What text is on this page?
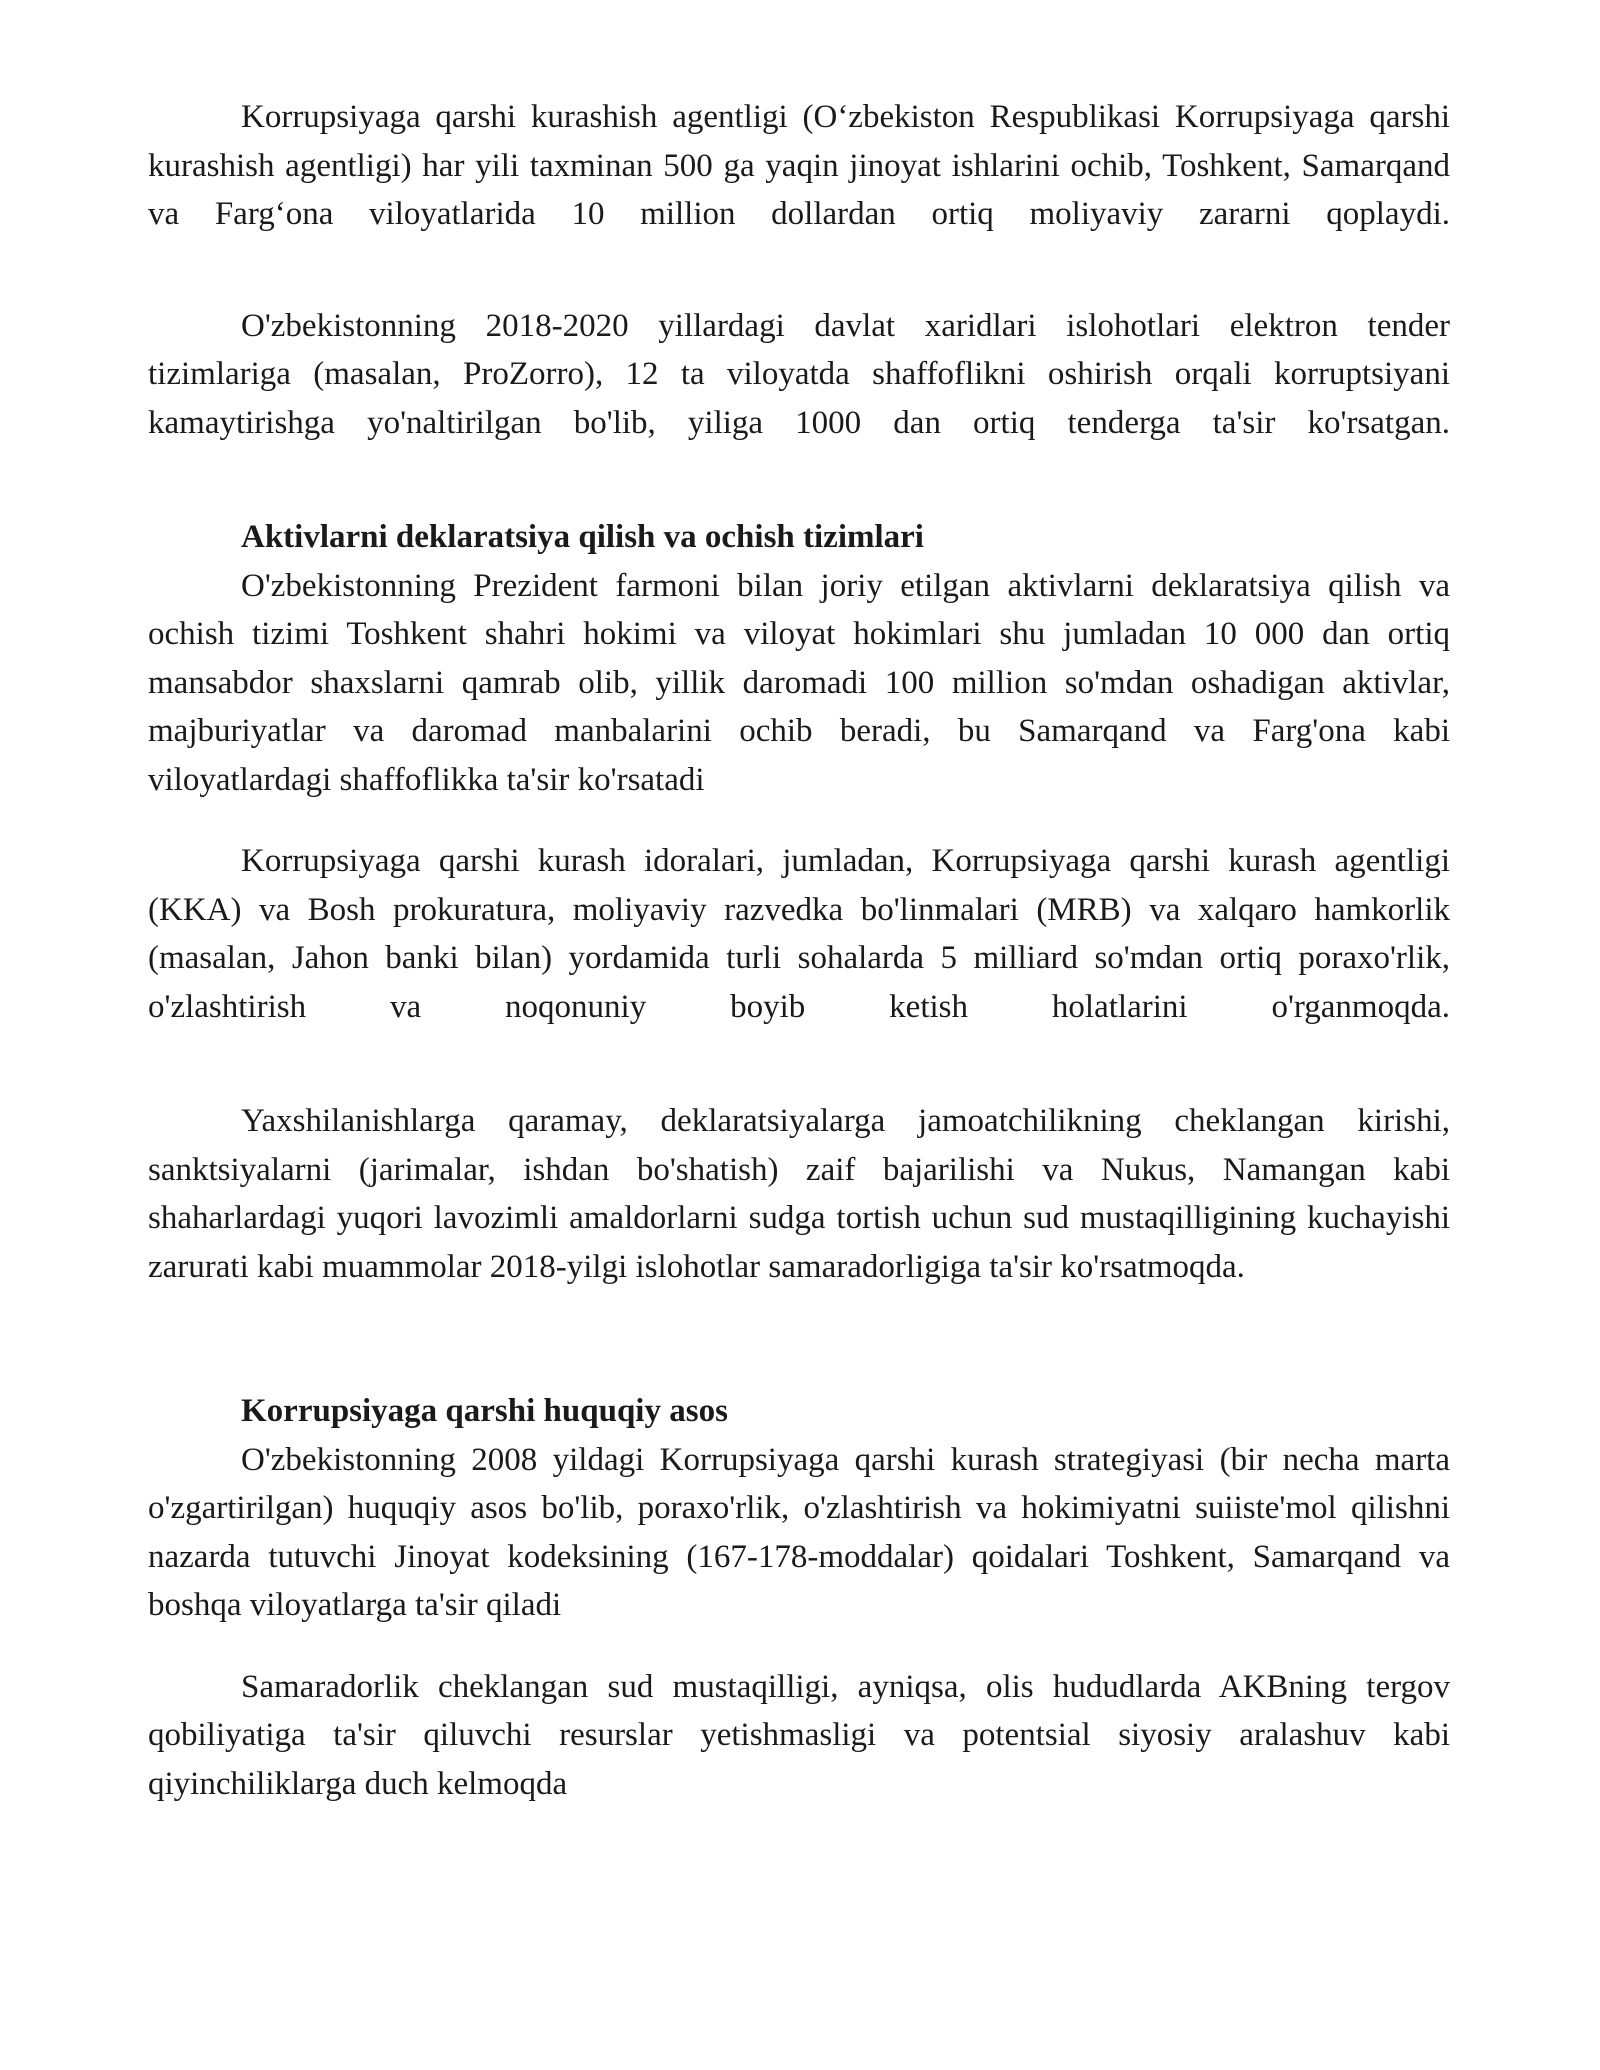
Korrupsiyaga qarshi kurashish agentligi (O‘zbekiston Respublikasi Korrupsiyaga qarshi kurashish agentligi) har yili taxminan 500 ga yaqin jinoyat ishlarini ochib, Toshkent, Samarqand va Farg‘ona viloyatlarida 10 million dollardan ortiq moliyaviy zararni qoplaydi.

O'zbekistonning 2018-2020 yillardagi davlat xaridlari islohotlari elektron tender tizimlariga (masalan, ProZorro), 12 ta viloyatda shaffoflikni oshirish orqali korruptsiyani kamaytirishga yo'naltirilgan bo'lib, yiliga 1000 dan ortiq tenderga ta'sir ko'rsatgan.

Aktivlarni deklaratsiya qilish va ochish tizimlari

O'zbekistonning Prezident farmoni bilan joriy etilgan aktivlarni deklaratsiya qilish va ochish tizimi Toshkent shahri hokimi va viloyat hokimlari shu jumladan 10 000 dan ortiq mansabdor shaxslarni qamrab olib, yillik daromadi 100 million so'mdan oshadigan aktivlar, majburiyatlar va daromad manbalarini ochib beradi, bu Samarqand va Farg'ona kabi viloyatlardagi shaffoflikka ta'sir ko'rsatadi

Korrupsiyaga qarshi kurash idoralari, jumladan, Korrupsiyaga qarshi kurash agentligi (KKA) va Bosh prokuratura, moliyaviy razvedka bo'linmalari (MRB) va xalqaro hamkorlik (masalan, Jahon banki bilan) yordamida turli sohalarda 5 milliard so'mdan ortiq poraxo'rlik, o'zlashtirish va noqonuniy boyib ketish holatlarini o'rganmoqda.

Yaxshilanishlarga qaramay, deklaratsiyalarga jamoatchilikning cheklangan kirishi, sanktsiyalarni (jarimalar, ishdan bo'shatish) zaif bajarilishi va Nukus, Namangan kabi shaharlardagi yuqori lavozimli amaldorlarni sudga tortish uchun sud mustaqilligining kuchayishi zarurati kabi muammolar 2018-yilgi islohotlar samaradorligiga ta'sir ko'rsatmoqda.

Korrupsiyaga qarshi huquqiy asos

O'zbekistonning 2008 yildagi Korrupsiyaga qarshi kurash strategiyasi (bir necha marta o'zgartirilgan) huquqiy asos bo'lib, poraxo'rlik, o'zlashtirish va hokimiyatni suiiste'mol qilishni nazarda tutuvchi Jinoyat kodeksining (167-178-moddalar) qoidalari Toshkent, Samarqand va boshqa viloyatlarga ta'sir qiladi

Samaradorlik cheklangan sud mustaqilligi, ayniqsa, olis hududlarda AKBning tergov qobiliyatiga ta'sir qiluvchi resurslar yetishmasligi va potentsial siyosiy aralashuv kabi qiyinchiliklarga duch kelmoqda
